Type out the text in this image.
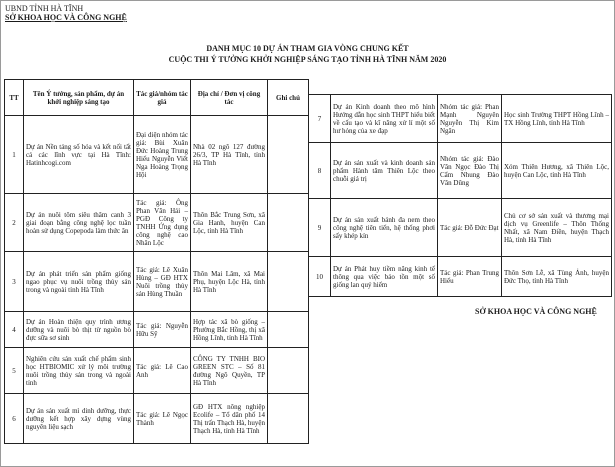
UBND TỈNH HÀ TĨNH
SỞ KHOA HỌC VÀ CÔNG NGHỆ
DANH MỤC 10 DỰ ÁN THAM GIA VÒNG CHUNG KẾT
CUỘC THI Ý TƯỞNG KHỞI NGHIỆP SÁNG TẠO TỈNH HÀ TĨNH NĂM 2020
TT	Tên Ý tưởng, sản phẩm, dự án khởi nghiệp sáng tạo	Tác giả/nhóm tác giả	Địa chỉ / Đơn vị công tác	Ghi chú
1	Dự án Nền tảng số hóa và kết nối tất cả các lĩnh vực tại Hà Tĩnh: Hatinhcogi.com	Đại diện nhóm tác giả: Bùi Xuân Đức Hoàng Trung Hiếu Nguyễn Viết Nga Hoàng Trọng Hội	Nhà 02 ngõ 127 đường 26/3, TP Hà Tĩnh, tỉnh Hà Tĩnh	
2	Dự án nuôi tôm siêu thâm canh 3 giai đoạn bằng công nghệ lọc tuần hoàn sử dụng Copepoda làm thức ăn	Tác giả: Ông Phan Văn Hải – PGĐ Công ty TNHH Ứng dụng công nghệ cao Nhân Lộc	Thôn Bắc Trung Sơn, xã Gia Hanh, huyện Can Lộc, tỉnh Hà Tĩnh	
3	Dự án phát triển sản phẩm giống ngao phục vụ nuôi trồng thủy sản trong và ngoài tỉnh Hà Tĩnh	Tác giả: Lê Xuân Hùng – GĐ HTX Nuôi trồng thủy sản Hùng Thuần	Thôn Mai Lâm, xã Mai Phụ, huyện Lộc Hà, tỉnh Hà Tĩnh	
4	Dự án Hoàn thiện quy trình ương dưỡng và nuôi bò thịt từ nguồn bò đực sữa sơ sinh	Tác giả: Nguyễn Hữu Sỹ	Hợp tác xã bò giống – Phường Bắc Hồng, thị xã Hồng Lĩnh, tỉnh Hà Tĩnh	
5	Nghiên cứu sản xuất chế phẩm sinh học HTBIOMIC xử lý môi trường nuôi trồng thủy sản trong và ngoài tỉnh	Tác giả: Lê Cao Anh	CÔNG TY TNHH BIO GREEN STC – Số 81 đường Ngô Quyền, TP Hà Tĩnh	
6	Dự án sản xuất mì dinh dưỡng, thực dưỡng kết hợp xây dựng vùng nguyên liệu sạch	Tác giả: Lê Ngọc Thành	GĐ HTX nông nghiệp Ecolife – Tổ dân phố 14 Thị trấn Thạch Hà, huyện Thạch Hà, tỉnh Hà Tĩnh	
7	Dự án Kinh doanh theo mô hình Hướng dẫn học sinh THPT hiểu biết về cấu tạo và kĩ năng xử lí một số hư hỏng của xe đạp	Nhóm tác giả: Phan Mạnh Nguyên Nguyễn Thị Kim Ngân	Học sinh Trường THPT Hồng Lĩnh – TX Hồng Lĩnh, tỉnh Hà Tĩnh
8	Dự án sản xuất và kinh doanh sản phẩm Hành tăm Thiên Lộc theo chuỗi giá trị	Nhóm tác giả: Đào Văn Ngọc Đào Thị Cẩm Nhung Đào Văn Dũng	Xóm Thiên Hương, xã Thiên Lộc, huyện Can Lộc, tỉnh Hà Tĩnh
9	Dự án sản xuất bánh đa nem theo công nghệ tiên tiến, hệ thống phơi sấy khép kín	Tác giả: Đỗ Đức Đạt	Chủ cơ sở sản xuất và thương mại dịch vụ Greenlife – Thôn Thống Nhất, xã Nam Điền, huyện Thạch Hà, tỉnh Hà Tĩnh
10	Dự án Phát huy tiềm năng kinh tế thông qua việc bảo tồn một số giống lan quý hiếm	Tác giả: Phan Trung Hiếu	Thôn Sơn Lễ, xã Tùng Ảnh, huyện Đức Thọ, tỉnh Hà Tĩnh
SỞ KHOA HỌC VÀ CÔNG NGHỆ
